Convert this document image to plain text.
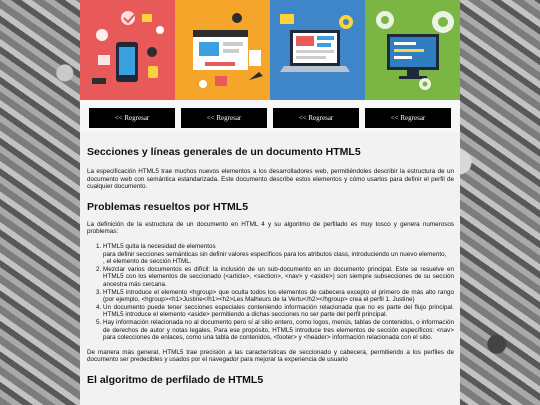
<< Regresar	<< Regresar	<< Regresar	<< Regresar
Secciones y líneas generales de un documento HTML5

La especificación HTML5 trae muchos nuevos elementos a los desarrolladores web, permitiéndoles describir la estructura de un documento web con semántica estandarizada. Este documento describe estos elementos y cómo usarlos para definir el perfil de cualquier documento.

Problemas resueltos por HTML5

La definición de la estructura de un documento en HTML 4 y su algoritmo de perfilado es muy tosco y genera numerosos problemas:

1. HTML5 quita la necesidad de elementos
para definir secciones semánticas sin definir valores específicos para los atributos class, introduciendo un nuevo elemento,
, el elemento de sección HTML.
2. Mezclar varios documentos es difícil: la inclusión de un sub-documento en un documento principal. Este se resuelve en HTML5 con los elementos de seccionado (<article>, <section>, <nav> y <aside>) son siempre subsecciones de su sección ancestra más cercana.
3. HTML5 introduce el elemento <hgroup> que oculta todos los elementos de cabecera excepto el primero de más alto rango (por ejemplo, <hgroup><h1>Justine</h1><h2>Les Malheurs de la Vertu</h2></hgroup> crea el perfil 1. Justine)
4. Un documento puede tener secciones especiales conteniendo información relacionada que no es parte del flujo principal. HTML5 introduce el elemento <aside> permitiendo a dichas secciones no ser parte del perfil principal.
5. Hay información relacionada no al documento pero sí al sitio entero, como logos, menús, tablas de contenidos, o información de derechos de autor y notas legales. Para ese propósito, HTML5 introduce tres elementos de sección específicos: <nav> para colecciones de enlaces, como una tabla de contenidos, <footer> y <header> información relacionada con el sitio.

De manera más general, HTML5 trae precisión a las características de seccionado y cabecera, permitiendo a los perfiles de documento ser predecibles y usados por el navegador para mejorar la experiencia de usuario

El algoritmo de perfilado de HTML5
